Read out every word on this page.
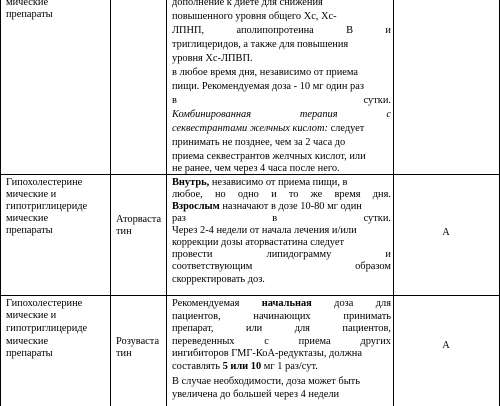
мические
препараты
дополнение к диете для снижения
повышенного уровня общего Хс, Хс-
ЛПНП, аполипопротеина В и
триглицеридов, а также для повышения
уровня Хс-ЛПВП.
в любое время дня, независимо от приема
пищи. Рекомендуемая доза - 10 мг один раз
в сутки.
Комбинированная терапия с
секвестрантами желчных кислот: следует
принимать не позднее, чем за 2 часа до
приема секвестрантов желчных кислот, или
не ранее, чем через 4 часа после него.
Гипохолестерине
мические и
гипотриглицериде
мические
препараты
Аторваста
тин
Внутрь, независимо от приема пищи, в
любое, но одно и то же время дня.
Взрослым назначают в дозе 10-80 мг один
раз в сутки.
Через 2-4 недели от начала лечения и/или
коррекции дозы аторвастатина следует
провести липидограмму и
соответствующим образом
скорректировать доз.
A
Гипохолестерине
мические и
гипотриглицериде
мические
препараты
Розуваста
тин
Рекомендуемая начальная доза для
пациентов, начинающих принимать
препарат, или для пациентов,
переведенных с приема других
ингибиторов ГМГ-КоА-редуктазы, должна
составлять 5 или 10 мг 1 раз/сут.
В случае необходимости, доза может быть
увеличена до большей через 4 недели
A
